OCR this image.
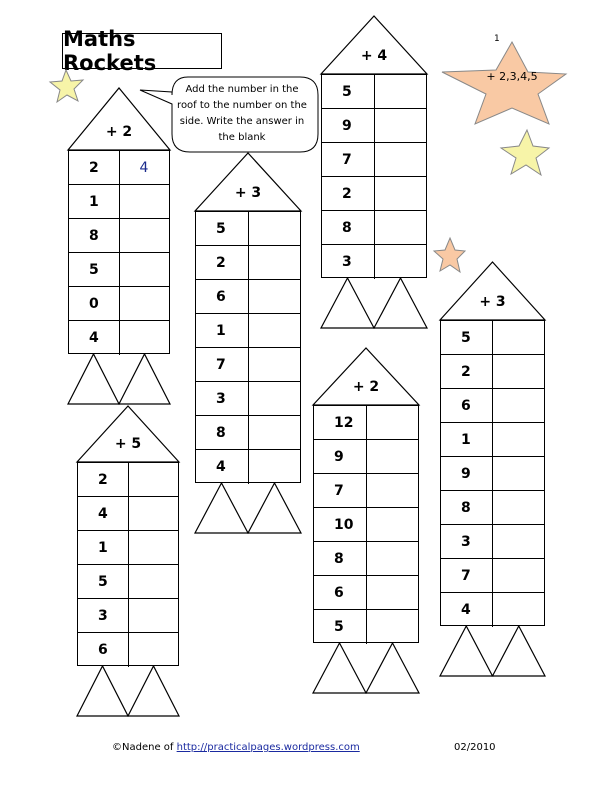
Maths Rockets
1
+ 2,3,4,5
Add the number in the roof to the number on the side. Write the answer in the blank
+ 2
2	4
1
8
5
0
4
+ 3
5
2
6
1
7
3
8
4
+ 4
5
9
7
2
8
3
+ 5
2
4
1
5
3
6
+ 2
12
9
7
10
8
6
5
+ 3
5
2
6
1
9
8
3
7
4
©Nadene of http://practicalpages.wordpress.com	02/2010
